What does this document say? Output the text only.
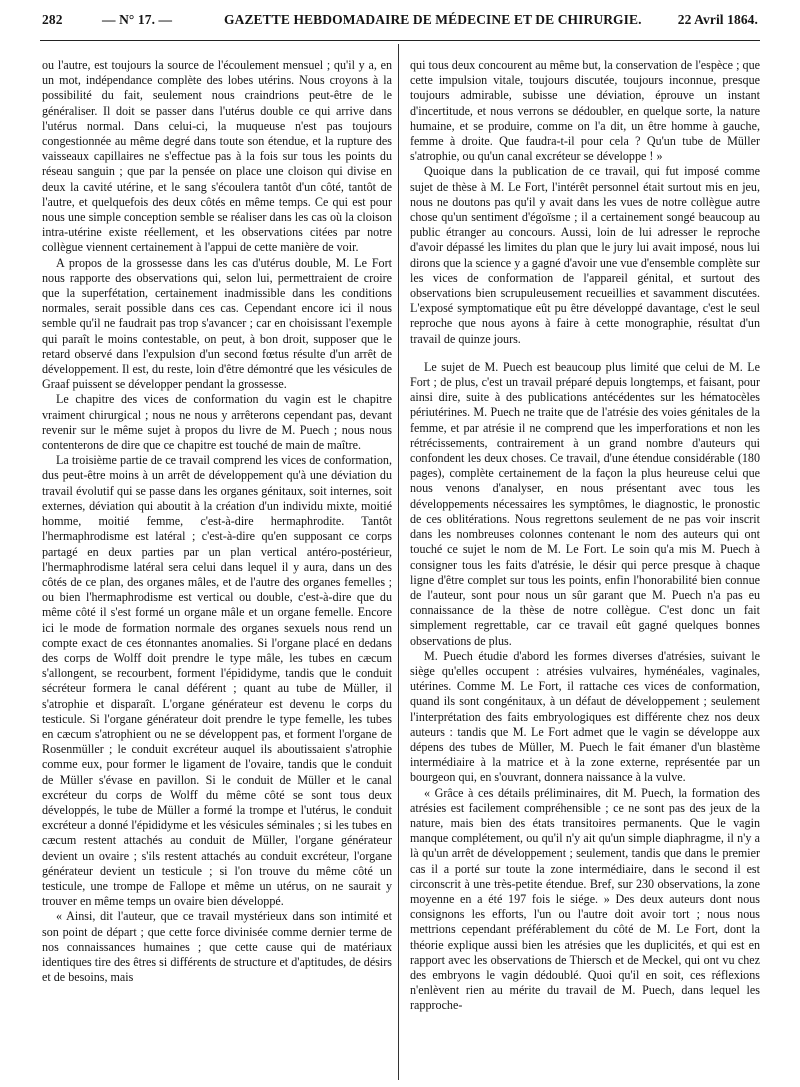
282	— N° 17. —	GAZETTE HEBDOMADAIRE DE MÉDECINE ET DE CHIRURGIE.	22 Avril 1864.

ou l'autre, est toujours la source de l'écoulement mensuel ; qu'il y a, en un mot, indépendance complète des lobes utérins. Nous croyons à la possibilité du fait, seulement nous craindrions peut-être de le généraliser. Il doit se passer dans l'utérus double ce qui arrive dans l'utérus normal. Dans celui-ci, la muqueuse n'est pas toujours congestionnée au même degré dans toute son étendue, et la rupture des vaisseaux capillaires ne s'effectue pas à la fois sur tous les points du réseau sanguin ; que par la pensée on place une cloison qui divise en deux la cavité utérine, et le sang s'écoulera tantôt d'un côté, tantôt de l'autre, et quelquefois des deux côtés en même temps. Ce qui est pour nous une simple conception semble se réaliser dans les cas où la cloison intra-utérine existe réellement, et les observations citées par notre collègue viennent certainement à l'appui de cette manière de voir.

A propos de la grossesse dans les cas d'utérus double, M. Le Fort nous rapporte des observations qui, selon lui, permettraient de croire que la superfétation, certainement inadmissible dans les conditions normales, serait possible dans ces cas. Cependant encore ici il nous semble qu'il ne faudrait pas trop s'avancer ; car en choisissant l'exemple qui paraît le moins contestable, on peut, à bon droit, supposer que le retard observé dans l'expulsion d'un second fœtus résulte d'un arrêt de développement. Il est, du reste, loin d'être démontré que les vésicules de Graaf puissent se développer pendant la grossesse.

Le chapitre des vices de conformation du vagin est le chapitre vraiment chirurgical ; nous ne nous y arrêterons cependant pas, devant revenir sur le même sujet à propos du livre de M. Puech ; nous nous contenterons de dire que ce chapitre est touché de main de maître.

La troisième partie de ce travail comprend les vices de conformation, dus peut-être moins à un arrêt de développement qu'à une déviation du travail évolutif qui se passe dans les organes génitaux, soit internes, soit externes, déviation qui aboutit à la création d'un individu mixte, moitié homme, moitié femme, c'est-à-dire hermaphrodite. Tantôt l'hermaphrodisme est latéral ; c'est-à-dire qu'en supposant ce corps partagé en deux parties par un plan vertical antéro-postérieur, l'hermaphrodisme latéral sera celui dans lequel il y aura, dans un des côtés de ce plan, des organes mâles, et de l'autre des organes femelles ; ou bien l'hermaphrodisme est vertical ou double, c'est-à-dire que du même côté il s'est formé un organe mâle et un organe femelle. Encore ici le mode de formation normale des organes sexuels nous rend un compte exact de ces étonnantes anomalies. Si l'organe placé en dedans des corps de Wolff doit prendre le type mâle, les tubes en cæcum s'allongent, se recourbent, forment l'épididyme, tandis que le conduit sécréteur formera le canal déférent ; quant au tube de Müller, il s'atrophie et disparaît. L'organe générateur est devenu le corps du testicule. Si l'organe générateur doit prendre le type femelle, les tubes en cæcum s'atrophient ou ne se développent pas, et forment l'organe de Rosenmüller ; le conduit excréteur auquel ils aboutissaient s'atrophie comme eux, pour former le ligament de l'ovaire, tandis que le conduit de Müller s'évase en pavillon. Si le conduit de Müller et le canal excréteur du corps de Wolff du même côté se sont tous deux développés, le tube de Müller a formé la trompe et l'utérus, le conduit excréteur a donné l'épididyme et les vésicules séminales ; si les tubes en cæcum restent attachés au conduit de Müller, l'organe générateur devient un ovaire ; s'ils restent attachés au conduit excréteur, l'organe générateur devient un testicule ; si l'on trouve du même côté un testicule, une trompe de Fallope et même un utérus, on ne saurait y trouver en même temps un ovaire bien développé.

« Ainsi, dit l'auteur, que ce travail mystérieux dans son intimité et son point de départ ; que cette force divinisée comme dernier terme de nos connaissances humaines ; que cette cause qui de matériaux identiques tire des êtres si différents de structure et d'aptitudes, de désirs et de besoins, mais

qui tous deux concourent au même but, la conservation de l'espèce ; que cette impulsion vitale, toujours discutée, toujours inconnue, presque toujours admirable, subisse une déviation, éprouve un instant d'incertitude, et nous verrons se dédoubler, en quelque sorte, la nature humaine, et se produire, comme on l'a dit, un être homme à gauche, femme à droite. Que faudra-t-il pour cela ? Qu'un tube de Müller s'atrophie, ou qu'un canal excréteur se développe ! »

Quoique dans la publication de ce travail, qui fut imposé comme sujet de thèse à M. Le Fort, l'intérêt personnel était surtout mis en jeu, nous ne doutons pas qu'il y avait dans les vues de notre collègue autre chose qu'un sentiment d'égoïsme ; il a certainement songé beaucoup au public étranger au concours. Aussi, loin de lui adresser le reproche d'avoir dépassé les limites du plan que le jury lui avait imposé, nous lui dirons que la science y a gagné d'avoir une vue d'ensemble complète sur les vices de conformation de l'appareil génital, et surtout des observations bien scrupuleusement recueillies et savamment discutées. L'exposé symptomatique eût pu être développé davantage, c'est le seul reproche que nous ayons à faire à cette monographie, résultat d'un travail de quinze jours.

Le sujet de M. Puech est beaucoup plus limité que celui de M. Le Fort ; de plus, c'est un travail préparé depuis longtemps, et faisant, pour ainsi dire, suite à des publications antécédentes sur les hématocèles périutérines. M. Puech ne traite que de l'atrésie des voies génitales de la femme, et par atrésie il ne comprend que les imperforations et non les rétrécissements, contrairement à un grand nombre d'auteurs qui confondent les deux choses. Ce travail, d'une étendue considérable (180 pages), complète certainement de la façon la plus heureuse celui que nous venons d'analyser, en nous présentant avec tous les développements nécessaires les symptômes, le diagnostic, le pronostic de ces oblitérations. Nous regrettons seulement de ne pas voir inscrit dans les nombreuses colonnes contenant le nom des auteurs qui ont touché ce sujet le nom de M. Le Fort. Le soin qu'a mis M. Puech à consigner tous les faits d'atrésie, le désir qui perce presque à chaque ligne d'être complet sur tous les points, enfin l'honorabilité bien connue de l'auteur, sont pour nous un sûr garant que M. Puech n'a pas eu connaissance de la thèse de notre collègue. C'est donc un fait simplement regrettable, car ce travail eût gagné quelques bonnes observations de plus.

M. Puech étudie d'abord les formes diverses d'atrésies, suivant le siège qu'elles occupent : atrésies vulvaires, hyménéales, vaginales, utérines. Comme M. Le Fort, il rattache ces vices de conformation, quand ils sont congénitaux, à un défaut de développement ; seulement l'interprétation des faits embryologiques est différente chez nos deux auteurs : tandis que M. Le Fort admet que le vagin se développe aux dépens des tubes de Müller, M. Puech le fait émaner d'un blastème intermédiaire à la matrice et à la zone externe, représentée par un bourgeon qui, en s'ouvrant, donnera naissance à la vulve.

« Grâce à ces détails préliminaires, dit M. Puech, la formation des atrésies est facilement compréhensible ; ce ne sont pas des jeux de la nature, mais bien des états transitoires permanents. Que le vagin manque complétement, ou qu'il n'y ait qu'un simple diaphragme, il n'y a là qu'un arrêt de développement ; seulement, tandis que dans le premier cas il a porté sur toute la zone intermédiaire, dans le second il est circonscrit à une très-petite étendue. Bref, sur 230 observations, la zone moyenne en a été 197 fois le siége. » Des deux auteurs dont nous consignons les efforts, l'un ou l'autre doit avoir tort ; nous nous mettrions cependant préférablement du côté de M. Le Fort, dont la théorie explique aussi bien les atrésies que les duplicités, et qui est en rapport avec les observations de Thiersch et de Meckel, qui ont vu chez des embryons le vagin dédoublé. Quoi qu'il en soit, ces réflexions n'enlèvent rien au mérite du travail de M. Puech, dans lequel les rapproche-
